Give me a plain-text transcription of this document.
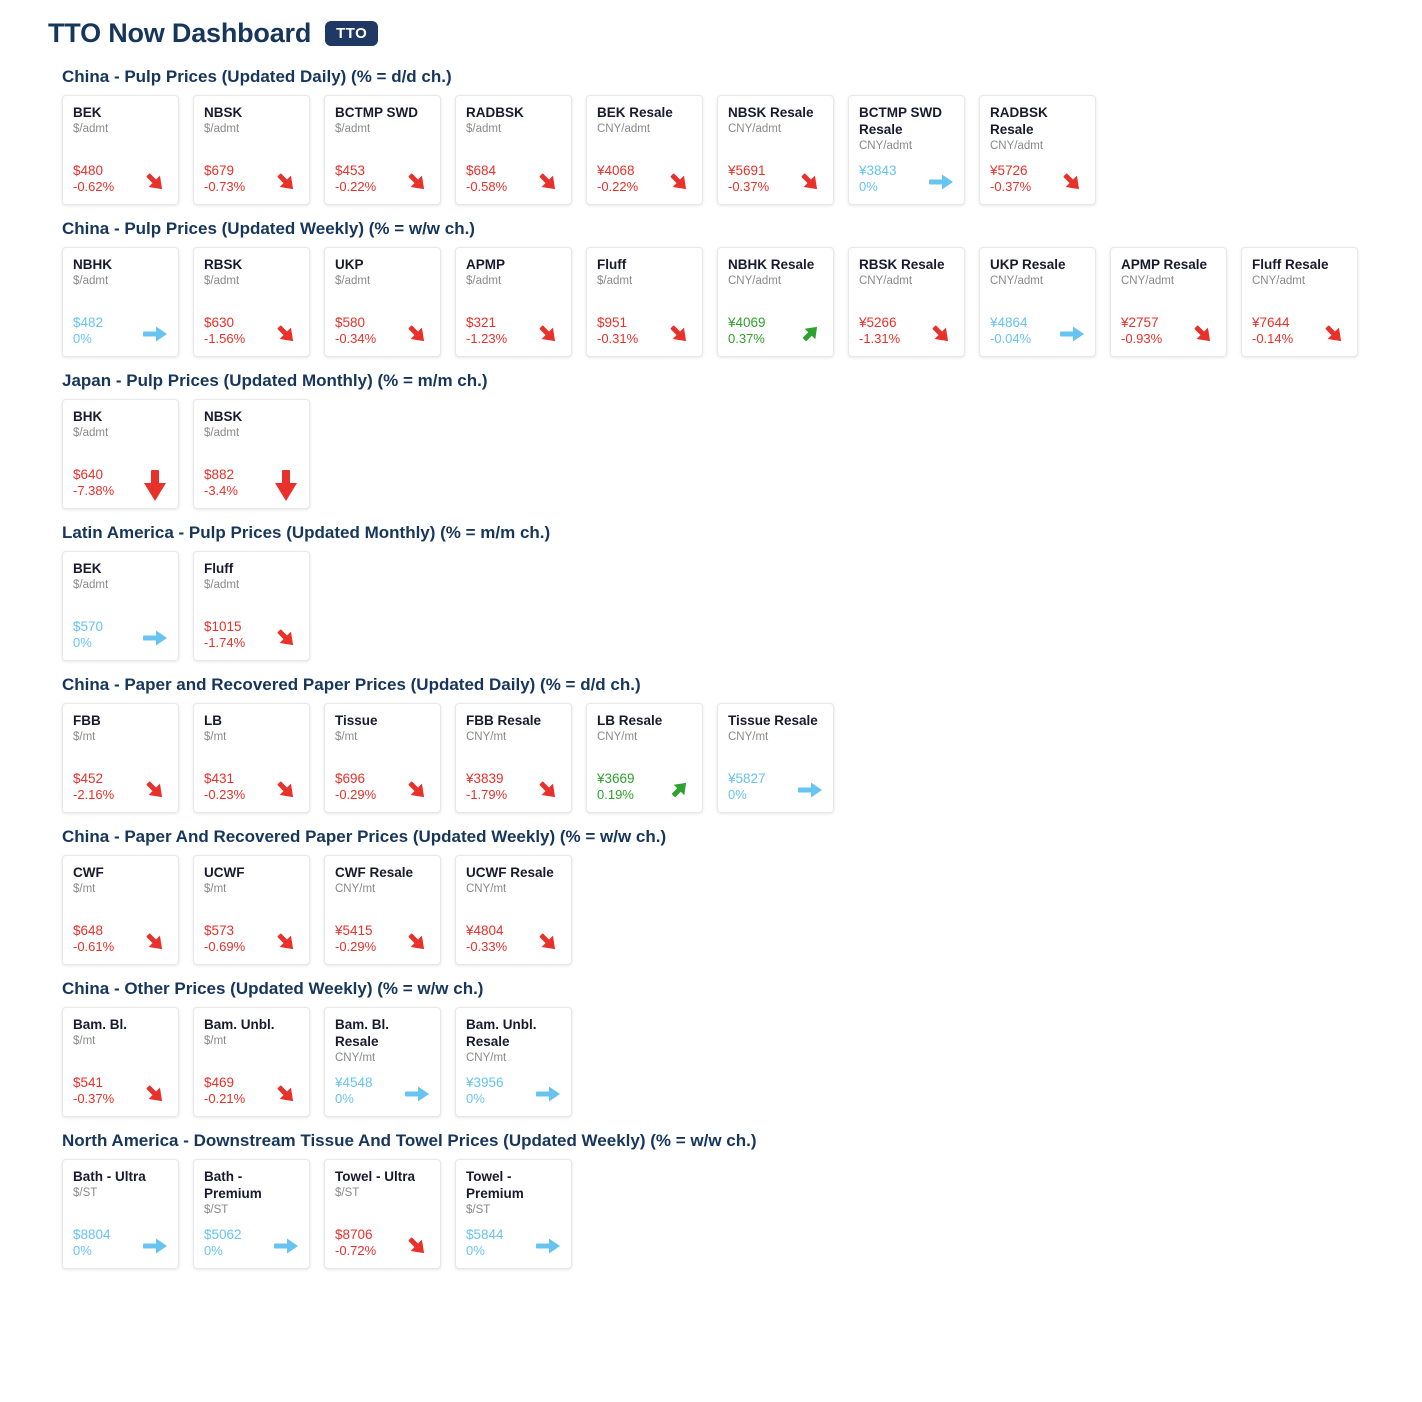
TTO Now Dashboard	TTO
China - Pulp Prices (Updated Daily) (% = d/d ch.)
BEK
$/admt
$480
-0.62%
NBSK
$/admt
$679
-0.73%
BCTMP SWD
$/admt
$453
-0.22%
RADBSK
$/admt
$684
-0.58%
BEK Resale
CNY/admt
¥4068
-0.22%
NBSK Resale
CNY/admt
¥5691
-0.37%
BCTMP SWD Resale
CNY/admt
¥3843
0%
RADBSK Resale
CNY/admt
¥5726
-0.37%
China - Pulp Prices (Updated Weekly) (% = w/w ch.)
NBHK
$/admt
$482
0%
RBSK
$/admt
$630
-1.56%
UKP
$/admt
$580
-0.34%
APMP
$/admt
$321
-1.23%
Fluff
$/admt
$951
-0.31%
NBHK Resale
CNY/admt
¥4069
0.37%
RBSK Resale
CNY/admt
¥5266
-1.31%
UKP Resale
CNY/admt
¥4864
-0.04%
APMP Resale
CNY/admt
¥2757
-0.93%
Fluff Resale
CNY/admt
¥7644
-0.14%
Japan - Pulp Prices (Updated Monthly) (% = m/m ch.)
BHK
$/admt
$640
-7.38%
NBSK
$/admt
$882
-3.4%
Latin America - Pulp Prices (Updated Monthly) (% = m/m ch.)
BEK
$/admt
$570
0%
Fluff
$/admt
$1015
-1.74%
China - Paper and Recovered Paper Prices (Updated Daily) (% = d/d ch.)
FBB
$/mt
$452
-2.16%
LB
$/mt
$431
-0.23%
Tissue
$/mt
$696
-0.29%
FBB Resale
CNY/mt
¥3839
-1.79%
LB Resale
CNY/mt
¥3669
0.19%
Tissue Resale
CNY/mt
¥5827
0%
China - Paper And Recovered Paper Prices (Updated Weekly) (% = w/w ch.)
CWF
$/mt
$648
-0.61%
UCWF
$/mt
$573
-0.69%
CWF Resale
CNY/mt
¥5415
-0.29%
UCWF Resale
CNY/mt
¥4804
-0.33%
China - Other Prices (Updated Weekly) (% = w/w ch.)
Bam. Bl.
$/mt
$541
-0.37%
Bam. Unbl.
$/mt
$469
-0.21%
Bam. Bl. Resale
CNY/mt
¥4548
0%
Bam. Unbl. Resale
CNY/mt
¥3956
0%
North America - Downstream Tissue And Towel Prices (Updated Weekly) (% = w/w ch.)
Bath - Ultra
$/ST
$8804
0%
Bath - Premium
$/ST
$5062
0%
Towel - Ultra
$/ST
$8706
-0.72%
Towel - Premium
$/ST
$5844
0%
